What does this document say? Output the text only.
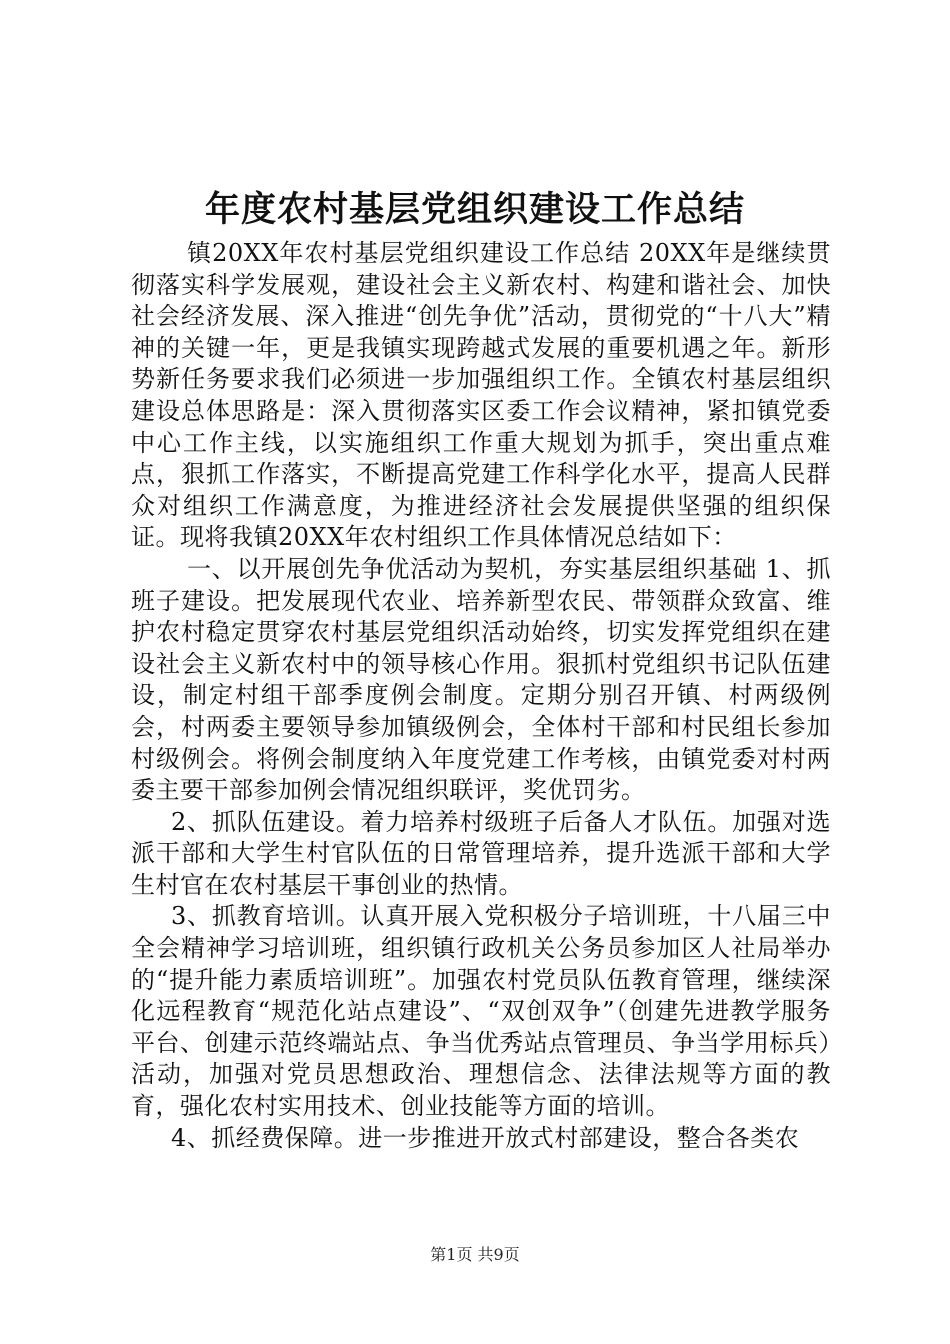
年度农村基层党组织建设工作总结

镇20XX年农村基层党组织建设工作总结 20XX年是继续贯彻落实科学发展观，建设社会主义新农村、构建和谐社会、加快社会经济发展、深入推进“创先争优”活动，贯彻党的“十八大”精神的关键一年，更是我镇实现跨越式发展的重要机遇之年。新形势新任务要求我们必须进一步加强组织工作。全镇农村基层组织建设总体思路是：深入贯彻落实区委工作会议精神，紧扣镇党委中心工作主线，以实施组织工作重大规划为抓手，突出重点难点，狠抓工作落实，不断提高党建工作科学化水平，提高人民群众对组织工作满意度，为推进经济社会发展提供坚强的组织保证。现将我镇20XX年农村组织工作具体情况总结如下：

一、以开展创先争优活动为契机，夯实基层组织基础 1、抓班子建设。把发展现代农业、培养新型农民、带领群众致富、维护农村稳定贯穿农村基层党组织活动始终，切实发挥党组织在建设社会主义新农村中的领导核心作用。狠抓村党组织书记队伍建设，制定村组干部季度例会制度。定期分别召开镇、村两级例会，村两委主要领导参加镇级例会，全体村干部和村民组长参加村级例会。将例会制度纳入年度党建工作考核，由镇党委对村两委主要干部参加例会情况组织联评，奖优罚劣。

2、抓队伍建设。着力培养村级班子后备人才队伍。加强对选派干部和大学生村官队伍的日常管理培养，提升选派干部和大学生村官在农村基层干事创业的热情。

3、抓教育培训。认真开展入党积极分子培训班，十八届三中全会精神学习培训班，组织镇行政机关公务员参加区人社局举办的“提升能力素质培训班”。加强农村党员队伍教育管理，继续深化远程教育“规范化站点建设”、“双创双争”（创建先进教学服务平台、创建示范终端站点、争当优秀站点管理员、争当学用标兵）活动，加强对党员思想政治、理想信念、法律法规等方面的教育，强化农村实用技术、创业技能等方面的培训。

4、抓经费保障。进一步推进开放式村部建设，整合各类农

第1页 共9页
